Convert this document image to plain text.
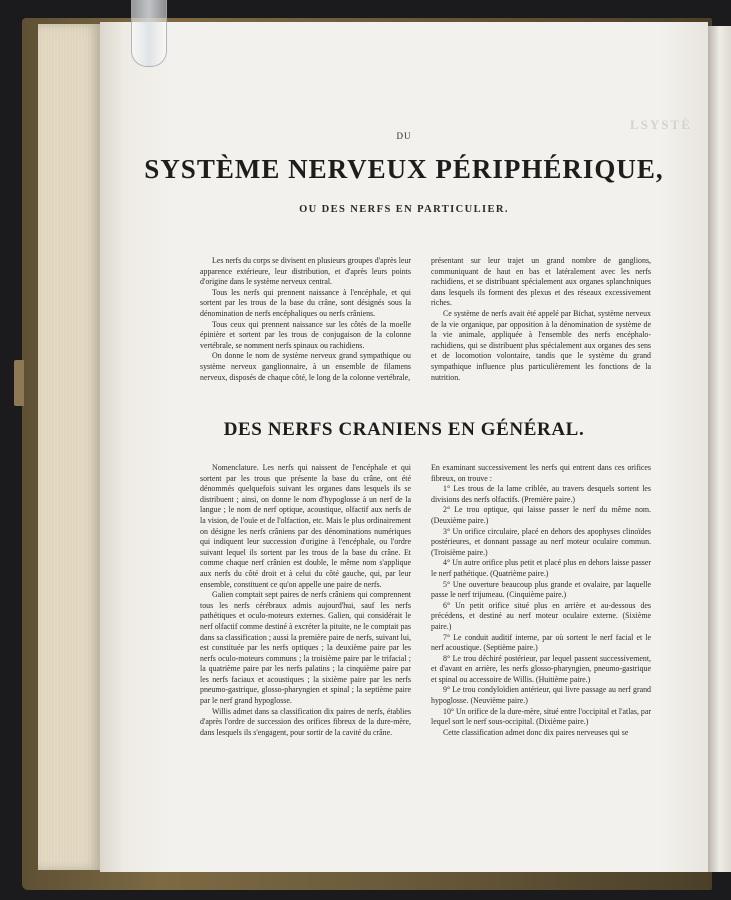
LSYSTÈ
DU
SYSTÈME NERVEUX PÉRIPHÉRIQUE,
OU DES NERFS EN PARTICULIER.

Les nerfs du corps se divisent en plusieurs groupes d'après leur apparence extérieure, leur distribution, et d'après leurs points d'origine dans le système nerveux central.

Tous les nerfs qui prennent naissance à l'encéphale, et qui sortent par les trous de la base du crâne, sont désignés sous la dénomination de nerfs encéphaliques ou nerfs crâniens.

Tous ceux qui prennent naissance sur les côtés de la moelle épinière et sortent par les trous de conjugaison de la colonne vertébrale, se nomment nerfs spinaux ou rachidiens.

On donne le nom de système nerveux grand sympathique ou système nerveux ganglionnaire, à un ensemble de filamens nerveux, disposés de chaque côté, le long de la colonne vertébrale,

présentant sur leur trajet un grand nombre de ganglions, communiquant de haut en bas et latéralement avec les nerfs rachidiens, et se distribuant spécialement aux organes splanchniques dans lesquels ils forment des plexus et des réseaux excessivement riches.

Ce système de nerfs avait été appelé par Bichat, système nerveux de la vie organique, par opposition à la dénomination de système de la vie animale, appliquée à l'ensemble des nerfs encéphalo-rachidiens, qui se distribuent plus spécialement aux organes des sens et de locomotion volontaire, tandis que le système du grand sympathique influence plus particulièrement les fonctions de la nutrition.

DES NERFS CRANIENS EN GÉNÉRAL.

Nomenclature. Les nerfs qui naissent de l'encéphale et qui sortent par les trous que présente la base du crâne, ont été dénommés quelquefois suivant les organes dans lesquels ils se distribuent ; ainsi, on donne le nom d'hypoglosse à un nerf de la langue ; le nom de nerf optique, acoustique, olfactif aux nerfs de la vision, de l'ouïe et de l'olfaction, etc. Mais le plus ordinairement on désigne les nerfs crâniens par des dénominations numériques qui indiquent leur succession d'origine à l'encéphale, ou l'ordre suivant lequel ils sortent par les trous de la base du crâne. Et comme chaque nerf crânien est double, le même nom s'applique aux nerfs du côté droit et à celui du côté gauche, qui, par leur ensemble, constituent ce qu'on appelle une paire de nerfs.

Galien comptait sept paires de nerfs crâniens qui comprennent tous les nerfs cérébraux admis aujourd'hui, sauf les nerfs pathétiques et oculo-moteurs externes. Galien, qui considérait le nerf olfactif comme destiné à excréter la pituite, ne le comptait pas dans sa classification ; aussi la première paire de nerfs, suivant lui, est constituée par les nerfs optiques ; la deuxième paire par les nerfs oculo-moteurs communs ; la troisième paire par le trifacial ; la quatrième paire par les nerfs palatins ; la cinquième paire par les nerfs faciaux et acoustiques ; la sixième paire par les nerfs pneumo-gastrique, glosso-pharyngien et spinal ; la septième paire par le nerf grand hypoglosse.

Willis admet dans sa classification dix paires de nerfs, établies d'après l'ordre de succession des orifices fibreux de la dure-mère, dans lesquels ils s'engagent, pour sortir de la cavité du crâne.

En examinant successivement les nerfs qui entrent dans ces orifices fibreux, on trouve :

1° Les trous de la lame criblée, au travers desquels sortent les divisions des nerfs olfactifs. (Première paire.)

2° Le trou optique, qui laisse passer le nerf du même nom. (Deuxième paire.)

3° Un orifice circulaire, placé en dehors des apophyses clinoïdes postérieures, et donnant passage au nerf moteur oculaire commun. (Troisième paire.)

4° Un autre orifice plus petit et placé plus en dehors laisse passer le nerf pathétique. (Quatrième paire.)

5° Une ouverture beaucoup plus grande et ovalaire, par laquelle passe le nerf trijumeau. (Cinquième paire.)

6° Un petit orifice situé plus en arrière et au-dessous des précédens, et destiné au nerf moteur oculaire externe. (Sixième paire.)

7° Le conduit auditif interne, par où sortent le nerf facial et le nerf acoustique. (Septième paire.)

8° Le trou déchiré postérieur, par lequel passent successivement, et d'avant en arrière, les nerfs glosso-pharyngien, pneumo-gastrique et spinal ou accessoire de Willis. (Huitième paire.)

9° Le trou condyloïdien antérieur, qui livre passage au nerf grand hypoglosse. (Neuvième paire.)

10° Un orifice de la dure-mère, situé entre l'occipital et l'atlas, par lequel sort le nerf sous-occipital. (Dixième paire.)

Cette classification admet donc dix paires nerveuses qui se
